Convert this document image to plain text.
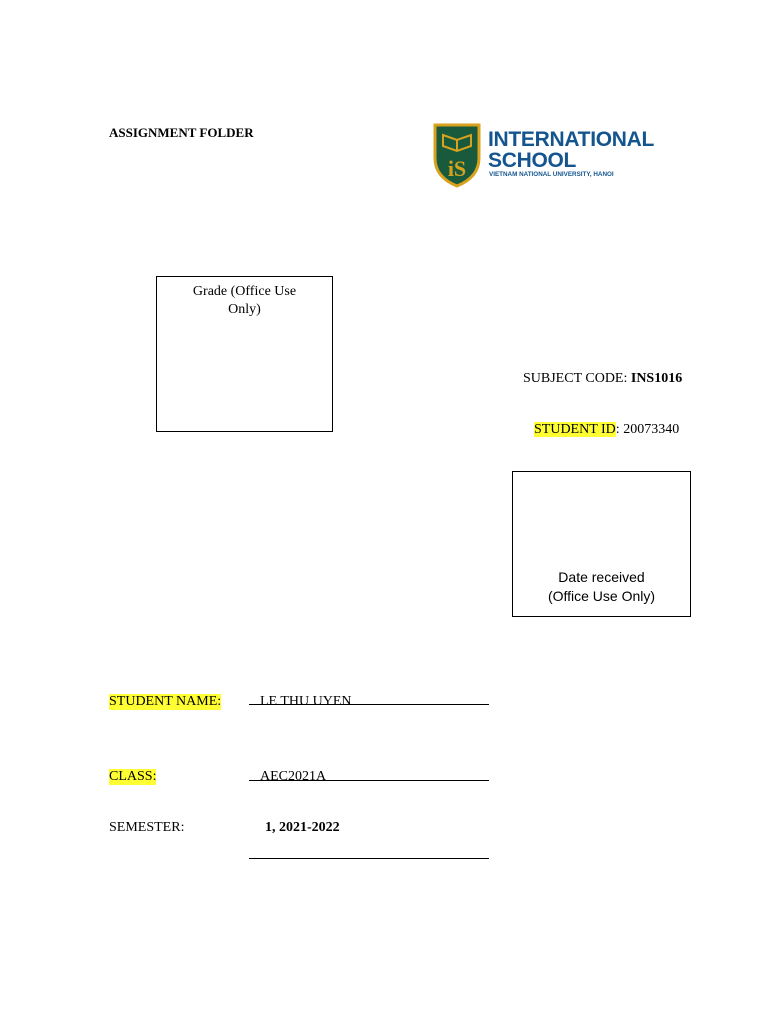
ASSIGNMENT FOLDER
iS
INTERNATIONAL
SCHOOL
VIETNAM NATIONAL UNIVERSITY, HANOI
Grade (Office Use Only)
SUBJECT CODE: INS1016
STUDENT ID: 20073340
Date received
(Office Use Only)
STUDENT NAME:	LE THU UYEN
CLASS:	AEC2021A
SEMESTER:	1, 2021-2022
